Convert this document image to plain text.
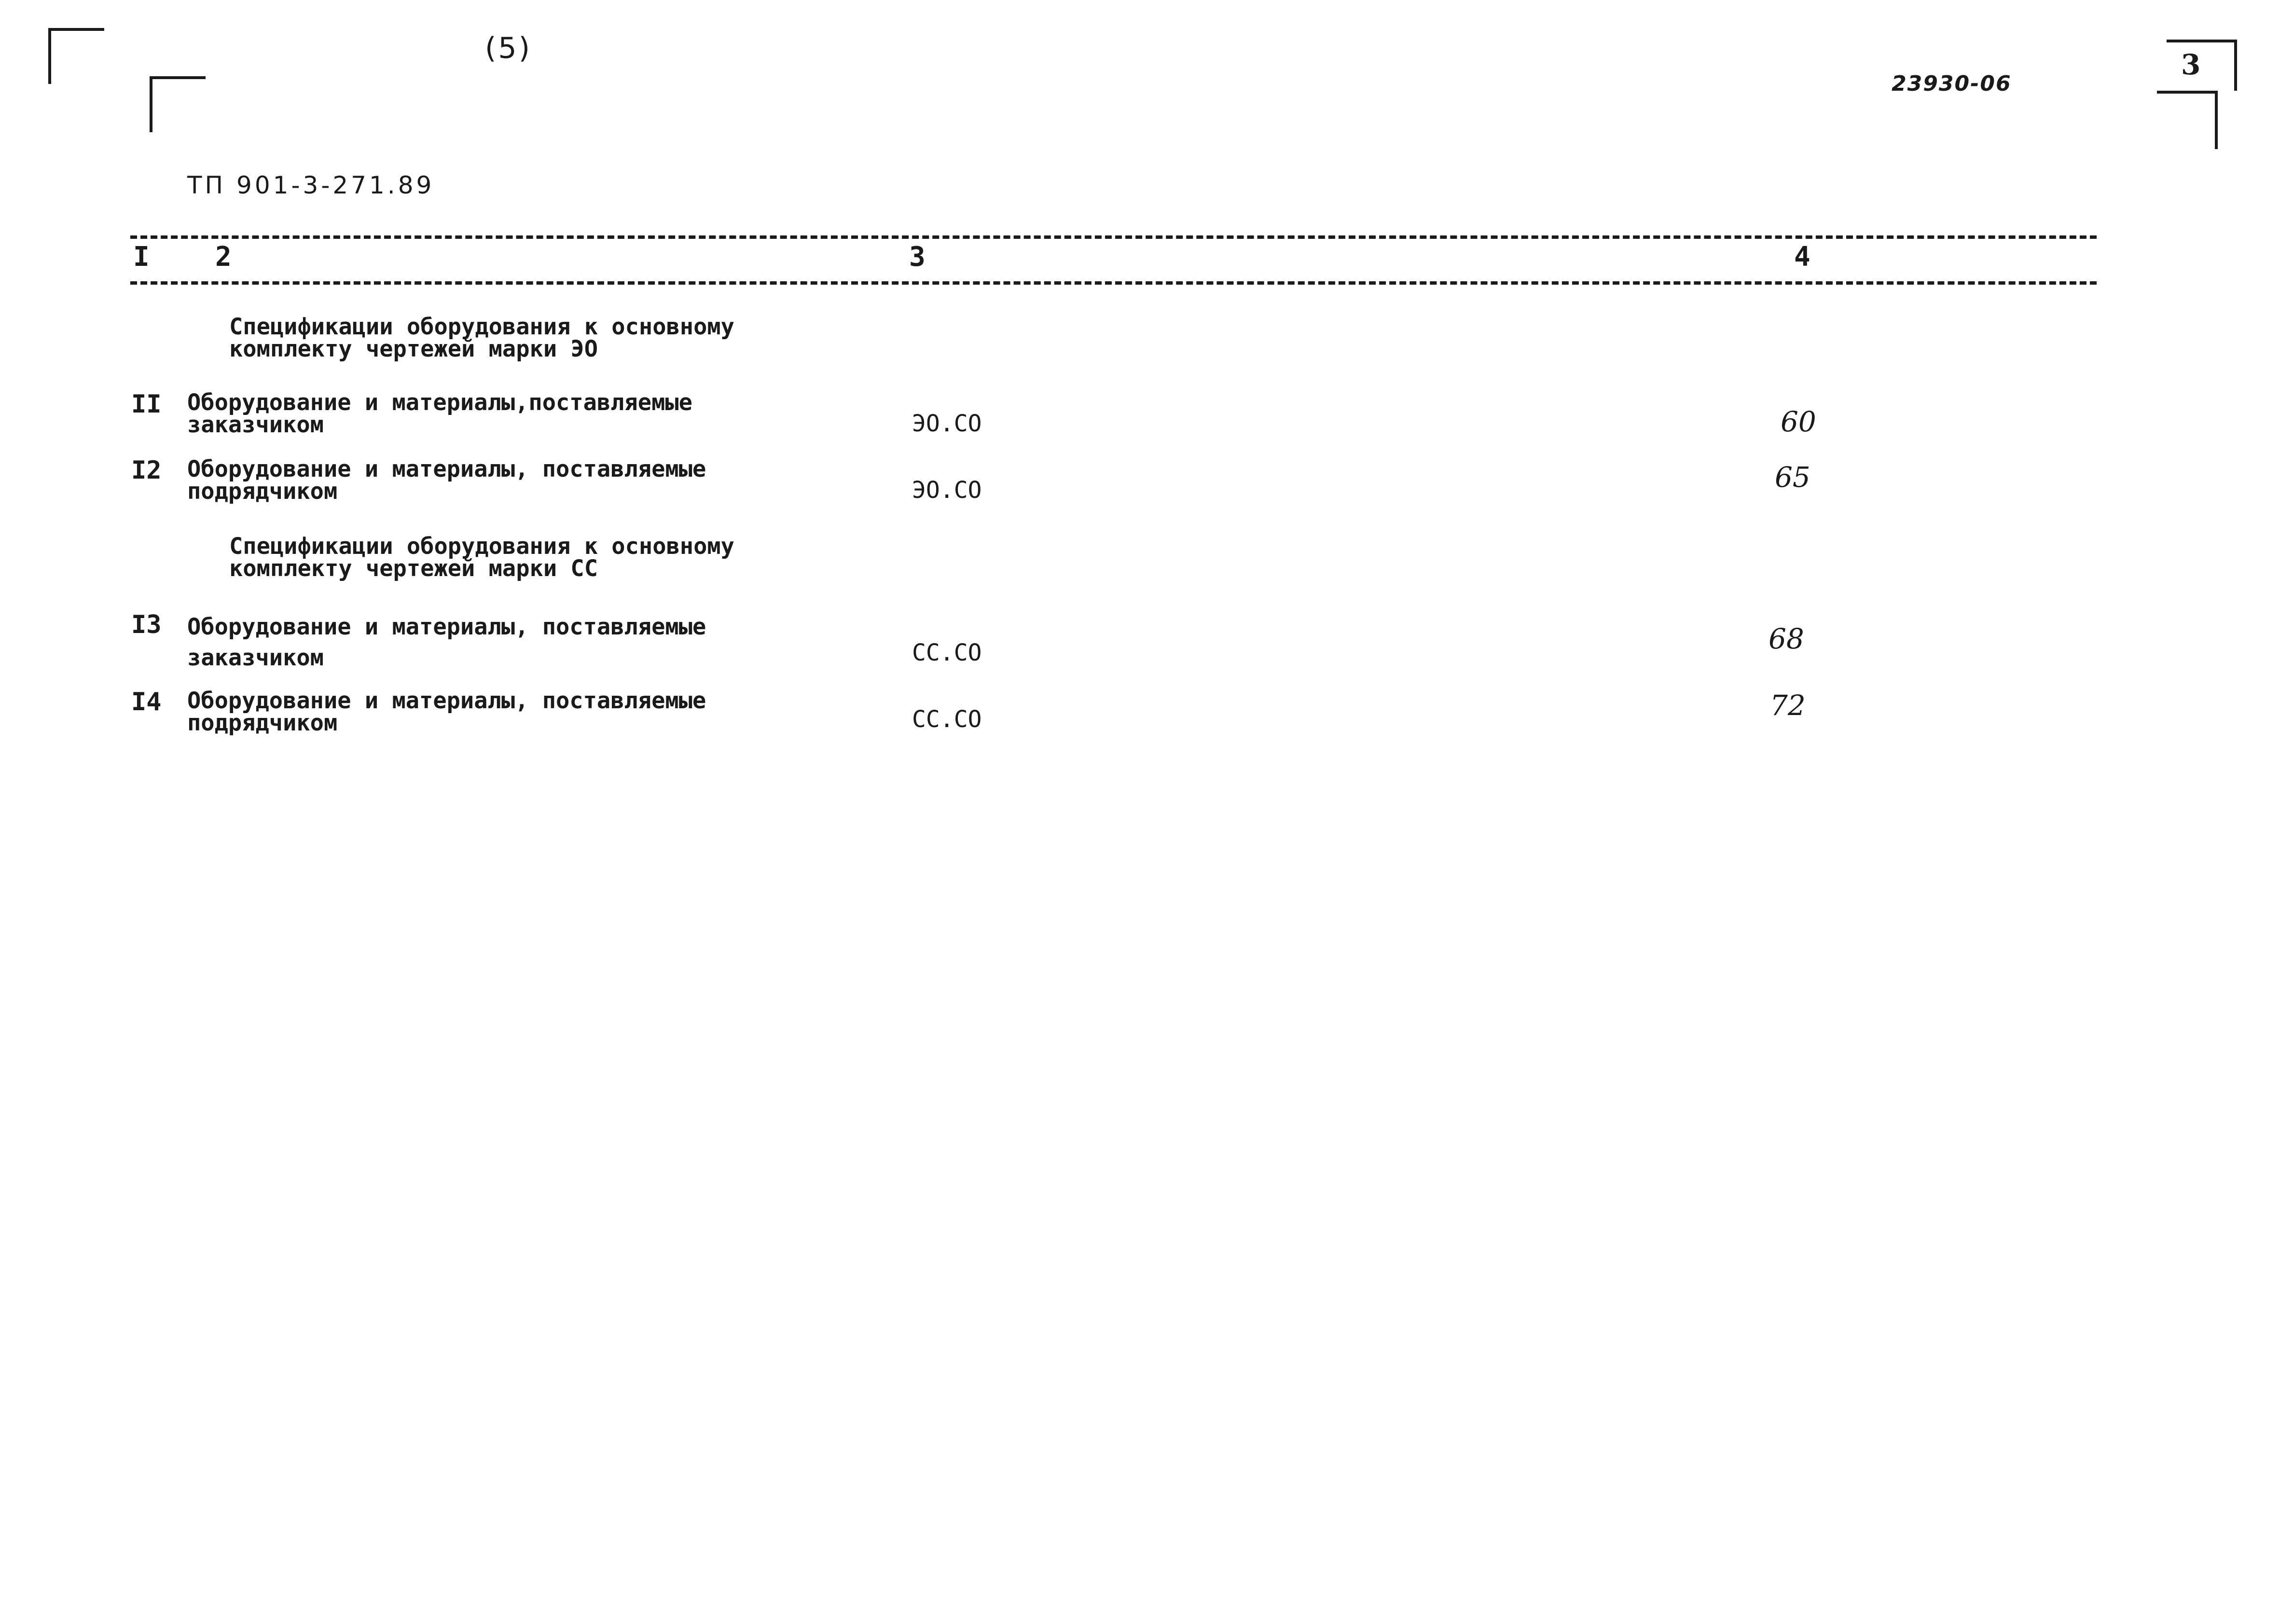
(5)
23930-06
3
ТП 901-3-271.89
I 2	3	4
Спецификации оборудования к основному
комплекту чертежей марки ЭО
II Оборудование и материалы,поставляемые
заказчиком	ЭО.СО	60
I2 Оборудование и материалы, поставляемые
подрядчиком	ЭО.СО	65
Спецификации оборудования к основному
комплекту чертежей марки СС
I3 Оборудование и материалы, поставляемые
заказчиком	СС.СО	68
I4 Оборудование и материалы, поставляемые
подрядчиком	СС.СО	72
